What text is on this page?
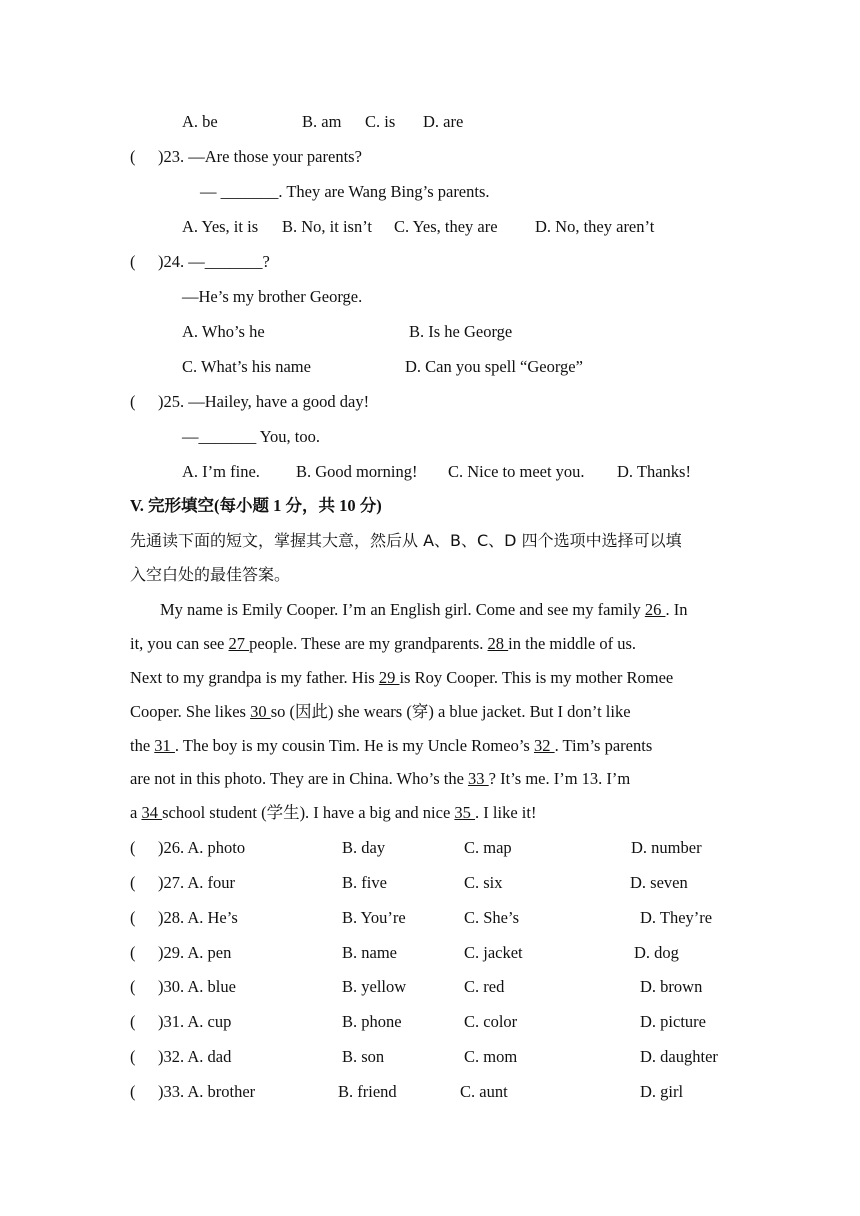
A. be	B. am C. is D. are
( )23. —Are those your parents?
— _______. They are Wang Bing’s parents.
A. Yes, it is B. No, it isn’t C. Yes, they are D. No, they aren’t
( )24. —_______?
—He’s my brother George.
A. Who’s he	B. Is he George
C. What’s his name	D. Can you spell “George”
( )25. —Hailey, have a good day!
—_______ You, too.
A. I’m fine. B. Good morning! C. Nice to meet you. D. Thanks!
V. 完形填空(每小题 1 分，共 10 分)
先通读下面的短文，掌握其大意，然后从 A、B、C、D 四个选项中选择可以填
入空白处的最佳答案。
My name is Emily Cooper. I’m an English girl. Come and see my family 26 . In
it, you can see 27 people. These are my grandparents. 28 in the middle of us.
Next to my grandpa is my father. His 29 is Roy Cooper. This is my mother Romee
Cooper. She likes 30 so (因此) she wears (穿) a blue jacket. But I don’t like
the 31 . The boy is my cousin Tim. He is my Uncle Romeo’s 32 . Tim’s parents
are not in this photo. They are in China. Who’s the 33 ? It’s me. I’m 13. I’m
a 34 school student (学生). I have a big and nice 35 . I like it!
( )26. A. photo	B. day	C. map	D. number
( )27. A. four	B. five	C. six	D. seven
( )28. A. He’s	B. You’re	C. She’s	D. They’re
( )29. A. pen	B. name	C. jacket	D. dog
( )30. A. blue	B. yellow	C. red	D. brown
( )31. A. cup	B. phone	C. color	D. picture
( )32. A. dad	B. son	C. mom	D. daughter
( )33. A. brother	B. friend	C. aunt	D. girl
